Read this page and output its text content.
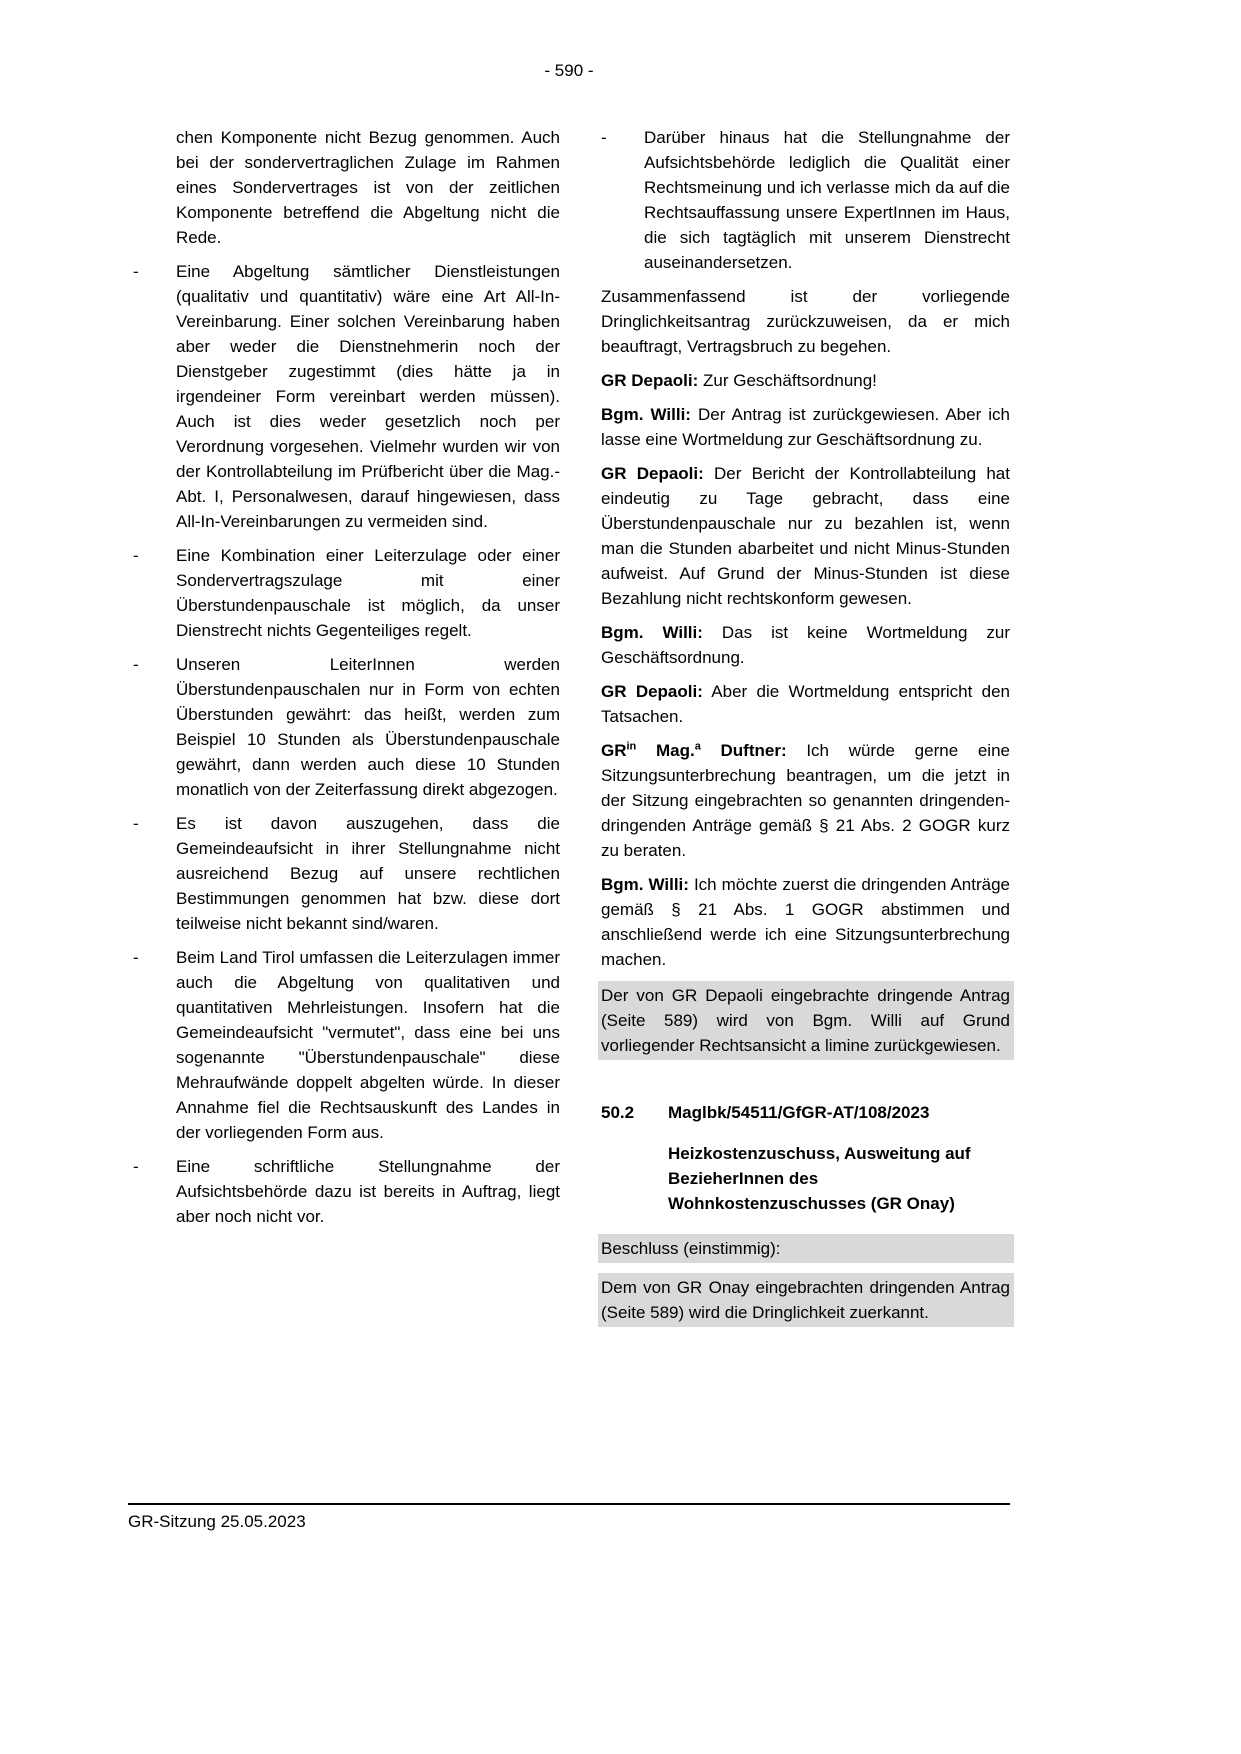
- 590 -

chen Komponente nicht Bezug genommen. Auch bei der sondervertraglichen Zulage im Rahmen eines Sondervertrages ist von der zeitlichen Komponente betreffend die Abgeltung nicht die Rede.

-	Eine Abgeltung sämtlicher Dienstleistungen (qualitativ und quantitativ) wäre eine Art All-In-Vereinbarung. Einer solchen Vereinbarung haben aber weder die Dienstnehmerin noch der Dienstgeber zugestimmt (dies hätte ja in irgendeiner Form vereinbart werden müssen). Auch ist dies weder gesetzlich noch per Verordnung vorgesehen. Vielmehr wurden wir von der Kontrollabteilung im Prüfbericht über die Mag.-Abt. I, Personalwesen, darauf hingewiesen, dass All-In-Vereinbarungen zu vermeiden sind.
-	Eine Kombination einer Leiterzulage oder einer Sondervertragszulage mit einer Überstundenpauschale ist möglich, da unser Dienstrecht nichts Gegenteiliges regelt.
-	Unseren LeiterInnen werden Überstundenpauschalen nur in Form von echten Überstunden gewährt: das heißt, werden zum Beispiel 10 Stunden als Überstundenpauschale gewährt, dann werden auch diese 10 Stunden monatlich von der Zeiterfassung direkt abgezogen.
-	Es ist davon auszugehen, dass die Gemeindeaufsicht in ihrer Stellungnahme nicht ausreichend Bezug auf unsere rechtlichen Bestimmungen genommen hat bzw. diese dort teilweise nicht bekannt sind/waren.
-	Beim Land Tirol umfassen die Leiterzulagen immer auch die Abgeltung von qualitativen und quantitativen Mehrleistungen. Insofern hat die Gemeindeaufsicht "vermutet", dass eine bei uns sogenannte "Überstundenpauschale" diese Mehraufwände doppelt abgelten würde. In dieser Annahme fiel die Rechtsauskunft des Landes in der vorliegenden Form aus.
-	Eine schriftliche Stellungnahme der Aufsichtsbehörde dazu ist bereits in Auftrag, liegt aber noch nicht vor.
-	Darüber hinaus hat die Stellungnahme der Aufsichtsbehörde lediglich die Qualität einer Rechtsmeinung und ich verlasse mich da auf die Rechtsauffassung unsere ExpertInnen im Haus, die sich tagtäglich mit unserem Dienstrecht auseinandersetzen.

Zusammenfassend ist der vorliegende Dringlichkeitsantrag zurückzuweisen, da er mich beauftragt, Vertragsbruch zu begehen.

GR Depaoli: Zur Geschäftsordnung!

Bgm. Willi: Der Antrag ist zurückgewiesen. Aber ich lasse eine Wortmeldung zur Geschäftsordnung zu.

GR Depaoli: Der Bericht der Kontrollabteilung hat eindeutig zu Tage gebracht, dass eine Überstundenpauschale nur zu bezahlen ist, wenn man die Stunden abarbeitet und nicht Minus-Stunden aufweist. Auf Grund der Minus-Stunden ist diese Bezahlung nicht rechtskonform gewesen.

Bgm. Willi: Das ist keine Wortmeldung zur Geschäftsordnung.

GR Depaoli: Aber die Wortmeldung entspricht den Tatsachen.

$GR^{in}$ Mag.$^a$ Duftner: Ich würde gerne eine Sitzungsunterbrechung beantragen, um die jetzt in der Sitzung eingebrachten so genannten dringenden-dringenden Anträge gemäß § 21 Abs. 2 GOGR kurz zu beraten.

Bgm. Willi: Ich möchte zuerst die dringenden Anträge gemäß § 21 Abs. 1 GOGR abstimmen und anschließend werde ich eine Sitzungsunterbrechung machen.

Der von GR Depaoli eingebrachte dringende Antrag (Seite 589) wird von Bgm. Willi auf Grund vorliegender Rechtsansicht a limine zurückgewiesen.

50.2	Maglbk/54511/GfGR-AT/108/2023

Heizkostenzuschuss, Ausweitung auf BezieherInnen des Wohnkostenzuschusses (GR Onay)

Beschluss (einstimmig):

Dem von GR Onay eingebrachten dringenden Antrag (Seite 589) wird die Dringlichkeit zuerkannt.

GR-Sitzung 25.05.2023
